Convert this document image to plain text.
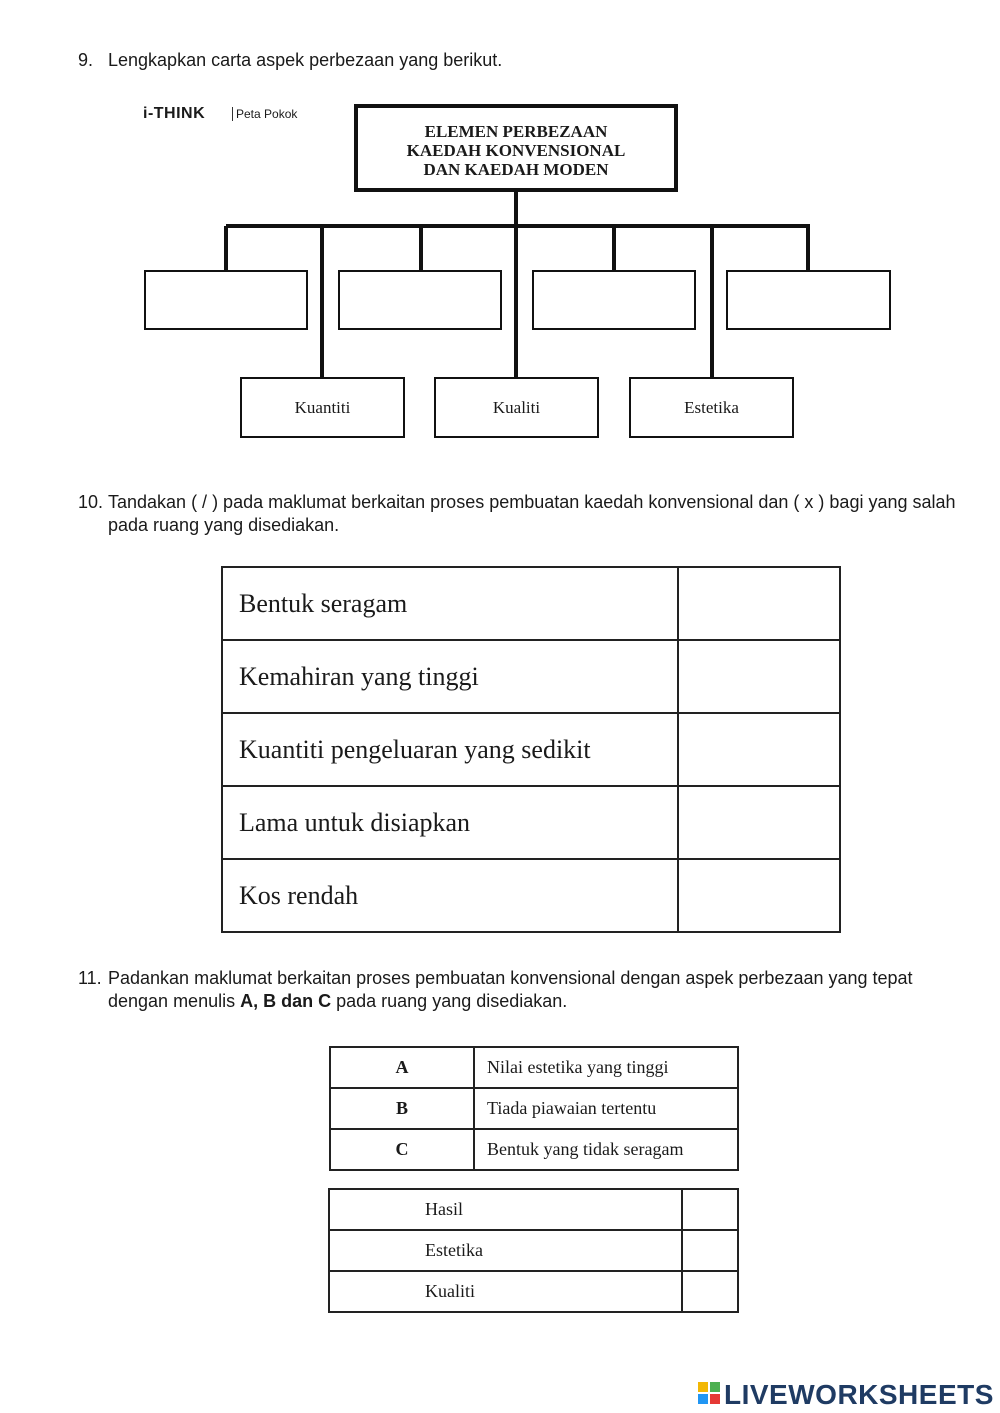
9. Lengkapkan carta aspek perbezaan yang berikut.
i-THINK	Peta Pokok
ELEMEN PERBEZAAN
KAEDAH KONVENSIONAL
DAN KAEDAH MODEN
Kuantiti	Kualiti	Estetika
10. Tandakan ( / ) pada maklumat berkaitan proses pembuatan kaedah konvensional dan ( x ) bagi yang salah pada ruang yang disediakan.
Bentuk seragam	
Kemahiran yang tinggi	
Kuantiti pengeluaran yang sedikit	
Lama untuk disiapkan	
Kos rendah	
11. Padankan maklumat berkaitan proses pembuatan konvensional dengan aspek perbezaan yang tepat dengan menulis A, B dan C pada ruang yang disediakan.
A	Nilai estetika yang tinggi
B	Tiada piawaian tertentu
C	Bentuk yang tidak seragam
Hasil	
Estetika	
Kualiti	
LIVEWORKSHEETS
